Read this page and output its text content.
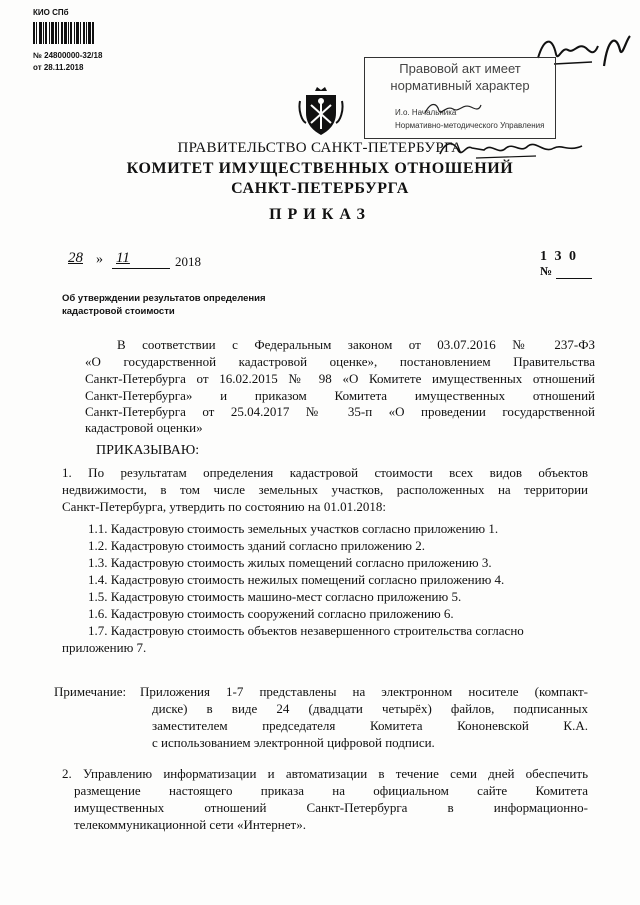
КИО СПб
№ 24800000-32/18
от 28.11.2018	Правовой акт имеет
нормативный характер
И.о. Начальника
Нормативно-методического Управления
ПРАВИТЕЛЬСТВО САНКТ-ПЕТЕРБУРГА
КОМИТЕТ ИМУЩЕСТВЕННЫХ ОТНОШЕНИЙ
САНКТ-ПЕТЕРБУРГА
ПРИКАЗ
28 » 11	2018	1 3 0
№
Об утверждении результатов определения
кадастровой стоимости
В соответствии с Федеральным законом от 03.07.2016 № 237-ФЗ
«О государственной кадастровой оценке», постановлением Правительства
Санкт-Петербурга от 16.02.2015 № 98 «О Комитете имущественных отношений
Санкт-Петербурга» и приказом Комитета имущественных отношений
Санкт-Петербурга от 25.04.2017 № 35-п «О проведении государственной
кадастровой оценки»
ПРИКАЗЫВАЮ:
1. По результатам определения кадастровой стоимости всех видов объектов
недвижимости, в том числе земельных участков, расположенных на территории
Санкт-Петербурга, утвердить по состоянию на 01.01.2018:
1.1. Кадастровую стоимость земельных участков согласно приложению 1.
1.2. Кадастровую стоимость зданий согласно приложению 2.
1.3. Кадастровую стоимость жилых помещений согласно приложению 3.
1.4. Кадастровую стоимость нежилых помещений согласно приложению 4.
1.5. Кадастровую стоимость машино-мест согласно приложению 5.
1.6. Кадастровую стоимость сооружений согласно приложению 6.
1.7. Кадастровую стоимость объектов незавершенного строительства согласно
приложению 7.
Примечание: Приложения 1-7 представлены на электронном носителе (компакт-
диске) в виде 24 (двадцати четырёх) файлов, подписанных
заместителем председателя Комитета Кононевской К.А.
с использованием электронной цифровой подписи.
2. Управлению информатизации и автоматизации в течение семи дней обеспечить
размещение настоящего приказа на официальном сайте Комитета
имущественных отношений Санкт-Петербурга в информационно-
телекоммуникационной сети «Интернет».
